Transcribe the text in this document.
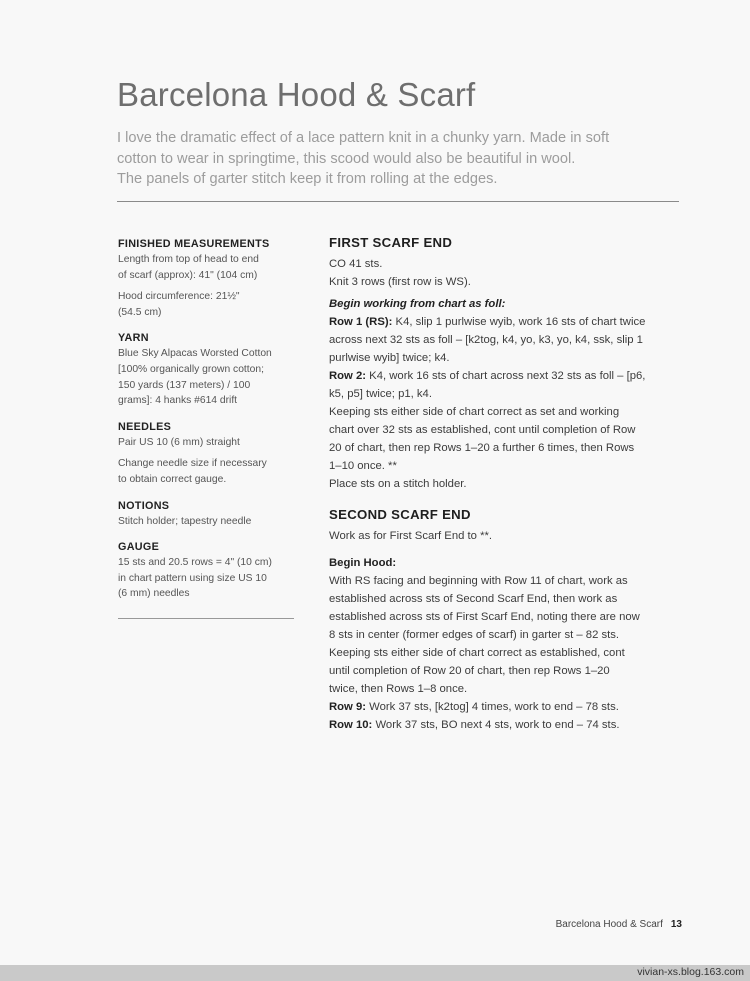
Barcelona Hood & Scarf
I love the dramatic effect of a lace pattern knit in a chunky yarn. Made in soft
cotton to wear in springtime, this scood would also be beautiful in wool.
The panels of garter stitch keep it from rolling at the edges.
FINISHED MEASUREMENTS
Length from top of head to end
of scarf (approx): 41" (104 cm)
Hood circumference: 21½"
(54.5 cm)
YARN
Blue Sky Alpacas Worsted Cotton
[100% organically grown cotton;
150 yards (137 meters) / 100
grams]: 4 hanks #614 drift
NEEDLES
Pair US 10 (6 mm) straight
Change needle size if necessary
to obtain correct gauge.
NOTIONS
Stitch holder; tapestry needle
GAUGE
15 sts and 20.5 rows = 4" (10 cm)
in chart pattern using size US 10
(6 mm) needles
FIRST SCARF END
CO 41 sts.
Knit 3 rows (first row is WS).
Begin working from chart as foll:
Row 1 (RS): K4, slip 1 purlwise wyib, work 16 sts of chart twice
across next 32 sts as foll – [k2tog, k4, yo, k3, yo, k4, ssk, slip 1
purlwise wyib] twice; k4.
Row 2: K4, work 16 sts of chart across next 32 sts as foll – [p6,
k5, p5] twice; p1, k4.
Keeping sts either side of chart correct as set and working
chart over 32 sts as established, cont until completion of Row
20 of chart, then rep Rows 1–20 a further 6 times, then Rows
1–10 once. **
Place sts on a stitch holder.
SECOND SCARF END
Work as for First Scarf End to **.
Begin Hood:
With RS facing and beginning with Row 11 of chart, work as
established across sts of Second Scarf End, then work as
established across sts of First Scarf End, noting there are now
8 sts in center (former edges of scarf) in garter st – 82 sts.
Keeping sts either side of chart correct as established, cont
until completion of Row 20 of chart, then rep Rows 1–20
twice, then Rows 1–8 once.
Row 9: Work 37 sts, [k2tog] 4 times, work to end – 78 sts.
Row 10: Work 37 sts, BO next 4 sts, work to end – 74 sts.
Barcelona Hood & Scarf 13
vivian-xs.blog.163.com
